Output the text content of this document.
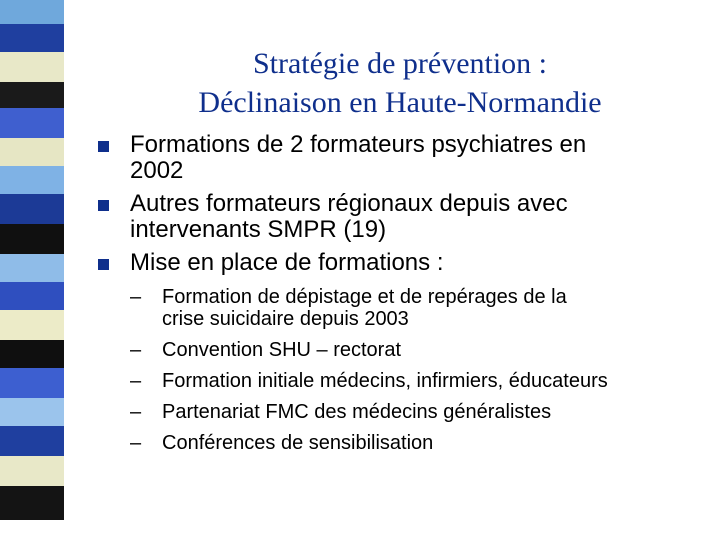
Stratégie de prévention :
Déclinaison en Haute-Normandie
Formations de 2 formateurs psychiatres en
2002
Autres formateurs régionaux depuis avec
intervenants SMPR (19)
Mise en place de formations :
– Formation de dépistage et de repérages de la
crise suicidaire depuis 2003
– Convention SHU – rectorat
– Formation initiale médecins, infirmiers, éducateurs
– Partenariat FMC des médecins généralistes
– Conférences de sensibilisation
